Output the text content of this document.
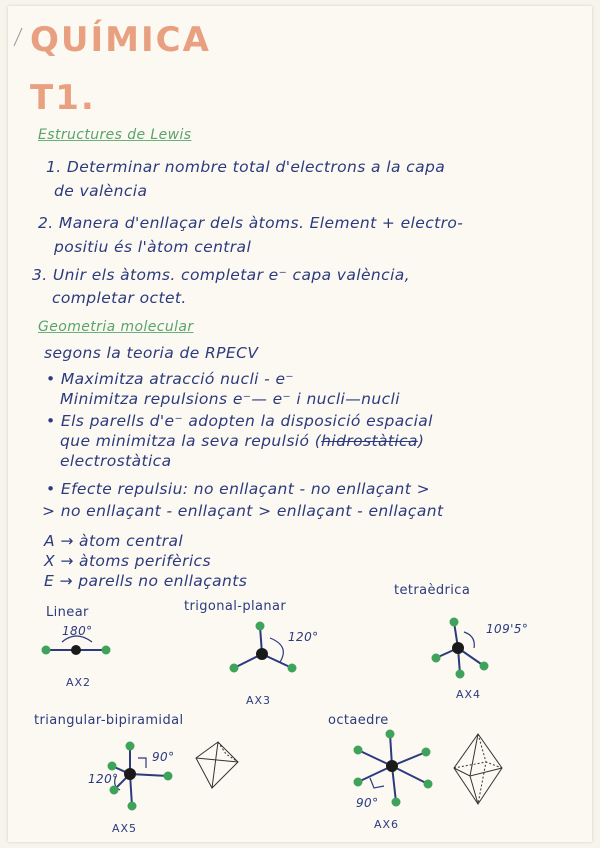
QUÍMICA
T1.
Estructures de Lewis
1. Determinar nombre total d'electrons a la capa
de valència
2. Manera d'enllaçar dels àtoms. Element + electro-
positiu és l'àtom central
3. Unir els àtoms. completar e⁻ capa valència,
completar octet.
Geometria molecular
segons la teoria de RPECV
• Maximitza atracció nucli - e⁻
Minimitza repulsions e⁻— e⁻ i nucli—nucli
• Els parells d'e⁻ adopten la disposició espacial
que minimitza la seva repulsió (hidrostàtica)
electrostàtica
• Efecte repulsiu: no enllaçant - no enllaçant >
> no enllaçant - enllaçant > enllaçant - enllaçant
A → àtom central
X → àtoms perifèrics
E → parells no enllaçants
Linear	trigonal-planar
tetraèdrica
triangular-bipiramidal	octaedre
180°	120°
109'5°
90°
120°
90°
AX2
AX3	AX4
AX5	AX6
